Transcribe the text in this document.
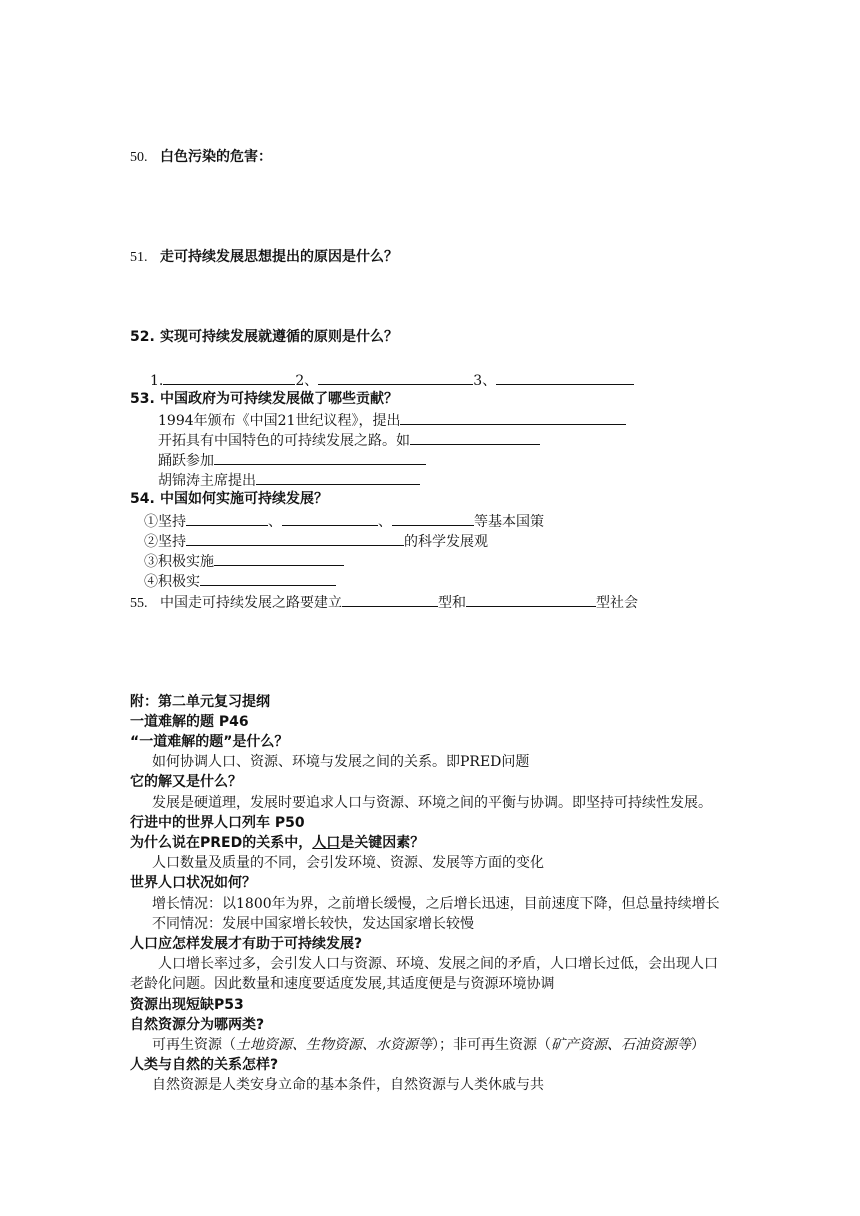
50. 白色污染的危害：
51. 走可持续发展思想提出的原因是什么？
52. 实现可持续发展就遵循的原则是什么？
1.	2、	3、
53. 中国政府为可持续发展做了哪些贡献？
1994年颁布《中国21世纪议程》，提出
开拓具有中国特色的可持续发展之路。如
踊跃参加
胡锦涛主席提出
54. 中国如何实施可持续发展？
①坚持	、	、	等基本国策
②坚持	的科学发展观
③积极实施
④积极实
55. 中国走可持续发展之路要建立	型和	型社会
附：第二单元复习提纲
一道难解的题 P46
“一道难解的题”是什么？
如何协调人口、资源、环境与发展之间的关系。即PRED问题
它的解又是什么？
发展是硬道理，发展时要追求人口与资源、环境之间的平衡与协调。即坚持可持续性发展。
行进中的世界人口列车 P50
为什么说在PRED的关系中，人口是关键因素？
人口数量及质量的不同，会引发环境、资源、发展等方面的变化
世界人口状况如何？
增长情况：以1800年为界，之前增长缓慢，之后增长迅速，目前速度下降，但总量持续增长
不同情况：发展中国家增长较快，发达国家增长较慢
人口应怎样发展才有助于可持续发展?
人口增长率过多，会引发人口与资源、环境、发展之间的矛盾，人口增长过低，会出现人口
老龄化问题。因此数量和速度要适度发展,其适度便是与资源环境协调
资源出现短缺P53
自然资源分为哪两类?
可再生资源（土地资源、生物资源、水资源等）；非可再生资源（矿产资源、石油资源等）
人类与自然的关系怎样?
自然资源是人类安身立命的基本条件，自然资源与人类休戚与共
